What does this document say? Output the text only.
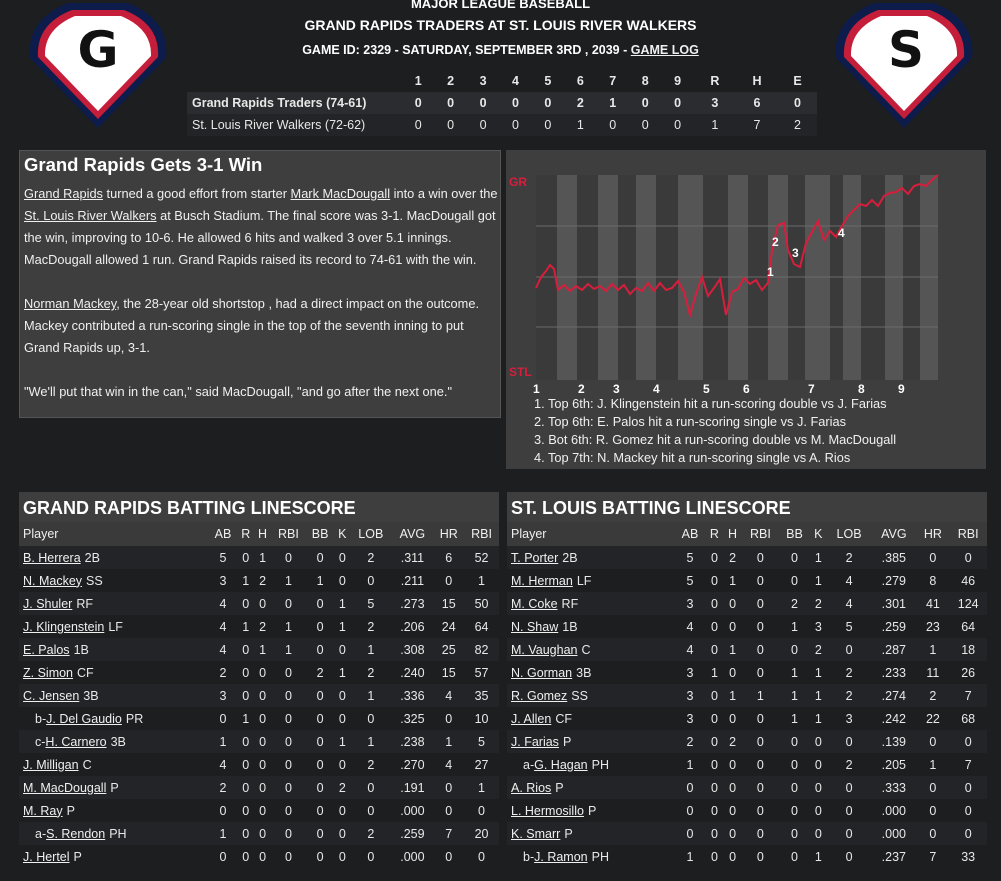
G	S
MAJOR LEAGUE BASEBALL
GRAND RAPIDS TRADERS AT ST. LOUIS RIVER WALKERS
GAME ID: 2329 - SATURDAY, SEPTEMBER 3RD , 2039 - GAME LOG
	1	2	3	4	5	6	7	8	9	R	H	E
Grand Rapids Traders (74-61)	0	0	0	0	0	2	1	0	0	3	6	0
St. Louis River Walkers (72-62)	0	0	0	0	0	1	0	0	0	1	7	2
Grand Rapids Gets 3-1 Win

Grand Rapids turned a good effort from starter Mark MacDougall into a win over the St. Louis River Walkers at Busch Stadium. The final score was 3-1. MacDougall got the win, improving to 10-6. He allowed 6 hits and walked 3 over 5.1 innings. MacDougall allowed 1 run. Grand Rapids raised its record to 74-61 with the win.

Norman Mackey, the 28-year old shortstop , had a direct impact on the outcome. Mackey contributed a run-scoring single in the top of the seventh inning to put Grand Rapids up, 3-1.

"We'll put that win in the can," said MacDougall, "and go after the next one."

GR
STL
1
2
3
4
1	2 3	4	5	6	7	8	9
1. Top 6th: J. Klingenstein hit a run-scoring double vs J. Farias
2. Top 6th: E. Palos hit a run-scoring single vs J. Farias
3. Bot 6th: R. Gomez hit a run-scoring double vs M. MacDougall
4. Top 7th: N. Mackey hit a run-scoring single vs A. Rios
GRAND RAPIDS BATTING LINESCORE
Player	AB	R	H	RBI	BB	K	LOB	AVG	HR	RBI
B. Herrera 2B	5	0	1	0	0	0	2	.311	6	52
N. Mackey SS	3	1	2	1	1	0	0	.211	0	1
J. Shuler RF	4	0	0	0	0	1	5	.273	15	50
J. Klingenstein LF	4	1	2	1	0	1	2	.206	24	64
E. Palos 1B	4	0	1	1	0	0	1	.308	25	82
Z. Simon CF	2	0	0	0	2	1	2	.240	15	57
C. Jensen 3B	3	0	0	0	0	0	1	.336	4	35
b-J. Del Gaudio PR	0	1	0	0	0	0	0	.325	0	10
c-H. Carnero 3B	1	0	0	0	0	1	1	.238	1	5
J. Milligan C	4	0	0	0	0	0	2	.270	4	27
M. MacDougall P	2	0	0	0	0	2	0	.191	0	1
M. Ray P	0	0	0	0	0	0	0	.000	0	0
a-S. Rendon PH	1	0	0	0	0	0	2	.259	7	20
J. Hertel P	0	0	0	0	0	0	0	.000	0	0
ST. LOUIS BATTING LINESCORE
Player	AB	R	H	RBI	BB	K	LOB	AVG	HR	RBI
T. Porter 2B	5	0	2	0	0	1	2	.385	0	0
M. Herman LF	5	0	1	0	0	1	4	.279	8	46
M. Coke RF	3	0	0	0	2	2	4	.301	41	124
N. Shaw 1B	4	0	0	0	1	3	5	.259	23	64
M. Vaughan C	4	0	1	0	0	2	0	.287	1	18
N. Gorman 3B	3	1	0	0	1	1	2	.233	11	26
R. Gomez SS	3	0	1	1	1	1	2	.274	2	7
J. Allen CF	3	0	0	0	1	1	3	.242	22	68
J. Farias P	2	0	2	0	0	0	0	.139	0	0
a-G. Hagan PH	1	0	0	0	0	0	2	.205	1	7
A. Rios P	0	0	0	0	0	0	0	.333	0	0
L. Hermosillo P	0	0	0	0	0	0	0	.000	0	0
K. Smarr P	0	0	0	0	0	0	0	.000	0	0
b-J. Ramon PH	1	0	0	0	0	1	0	.237	7	33
